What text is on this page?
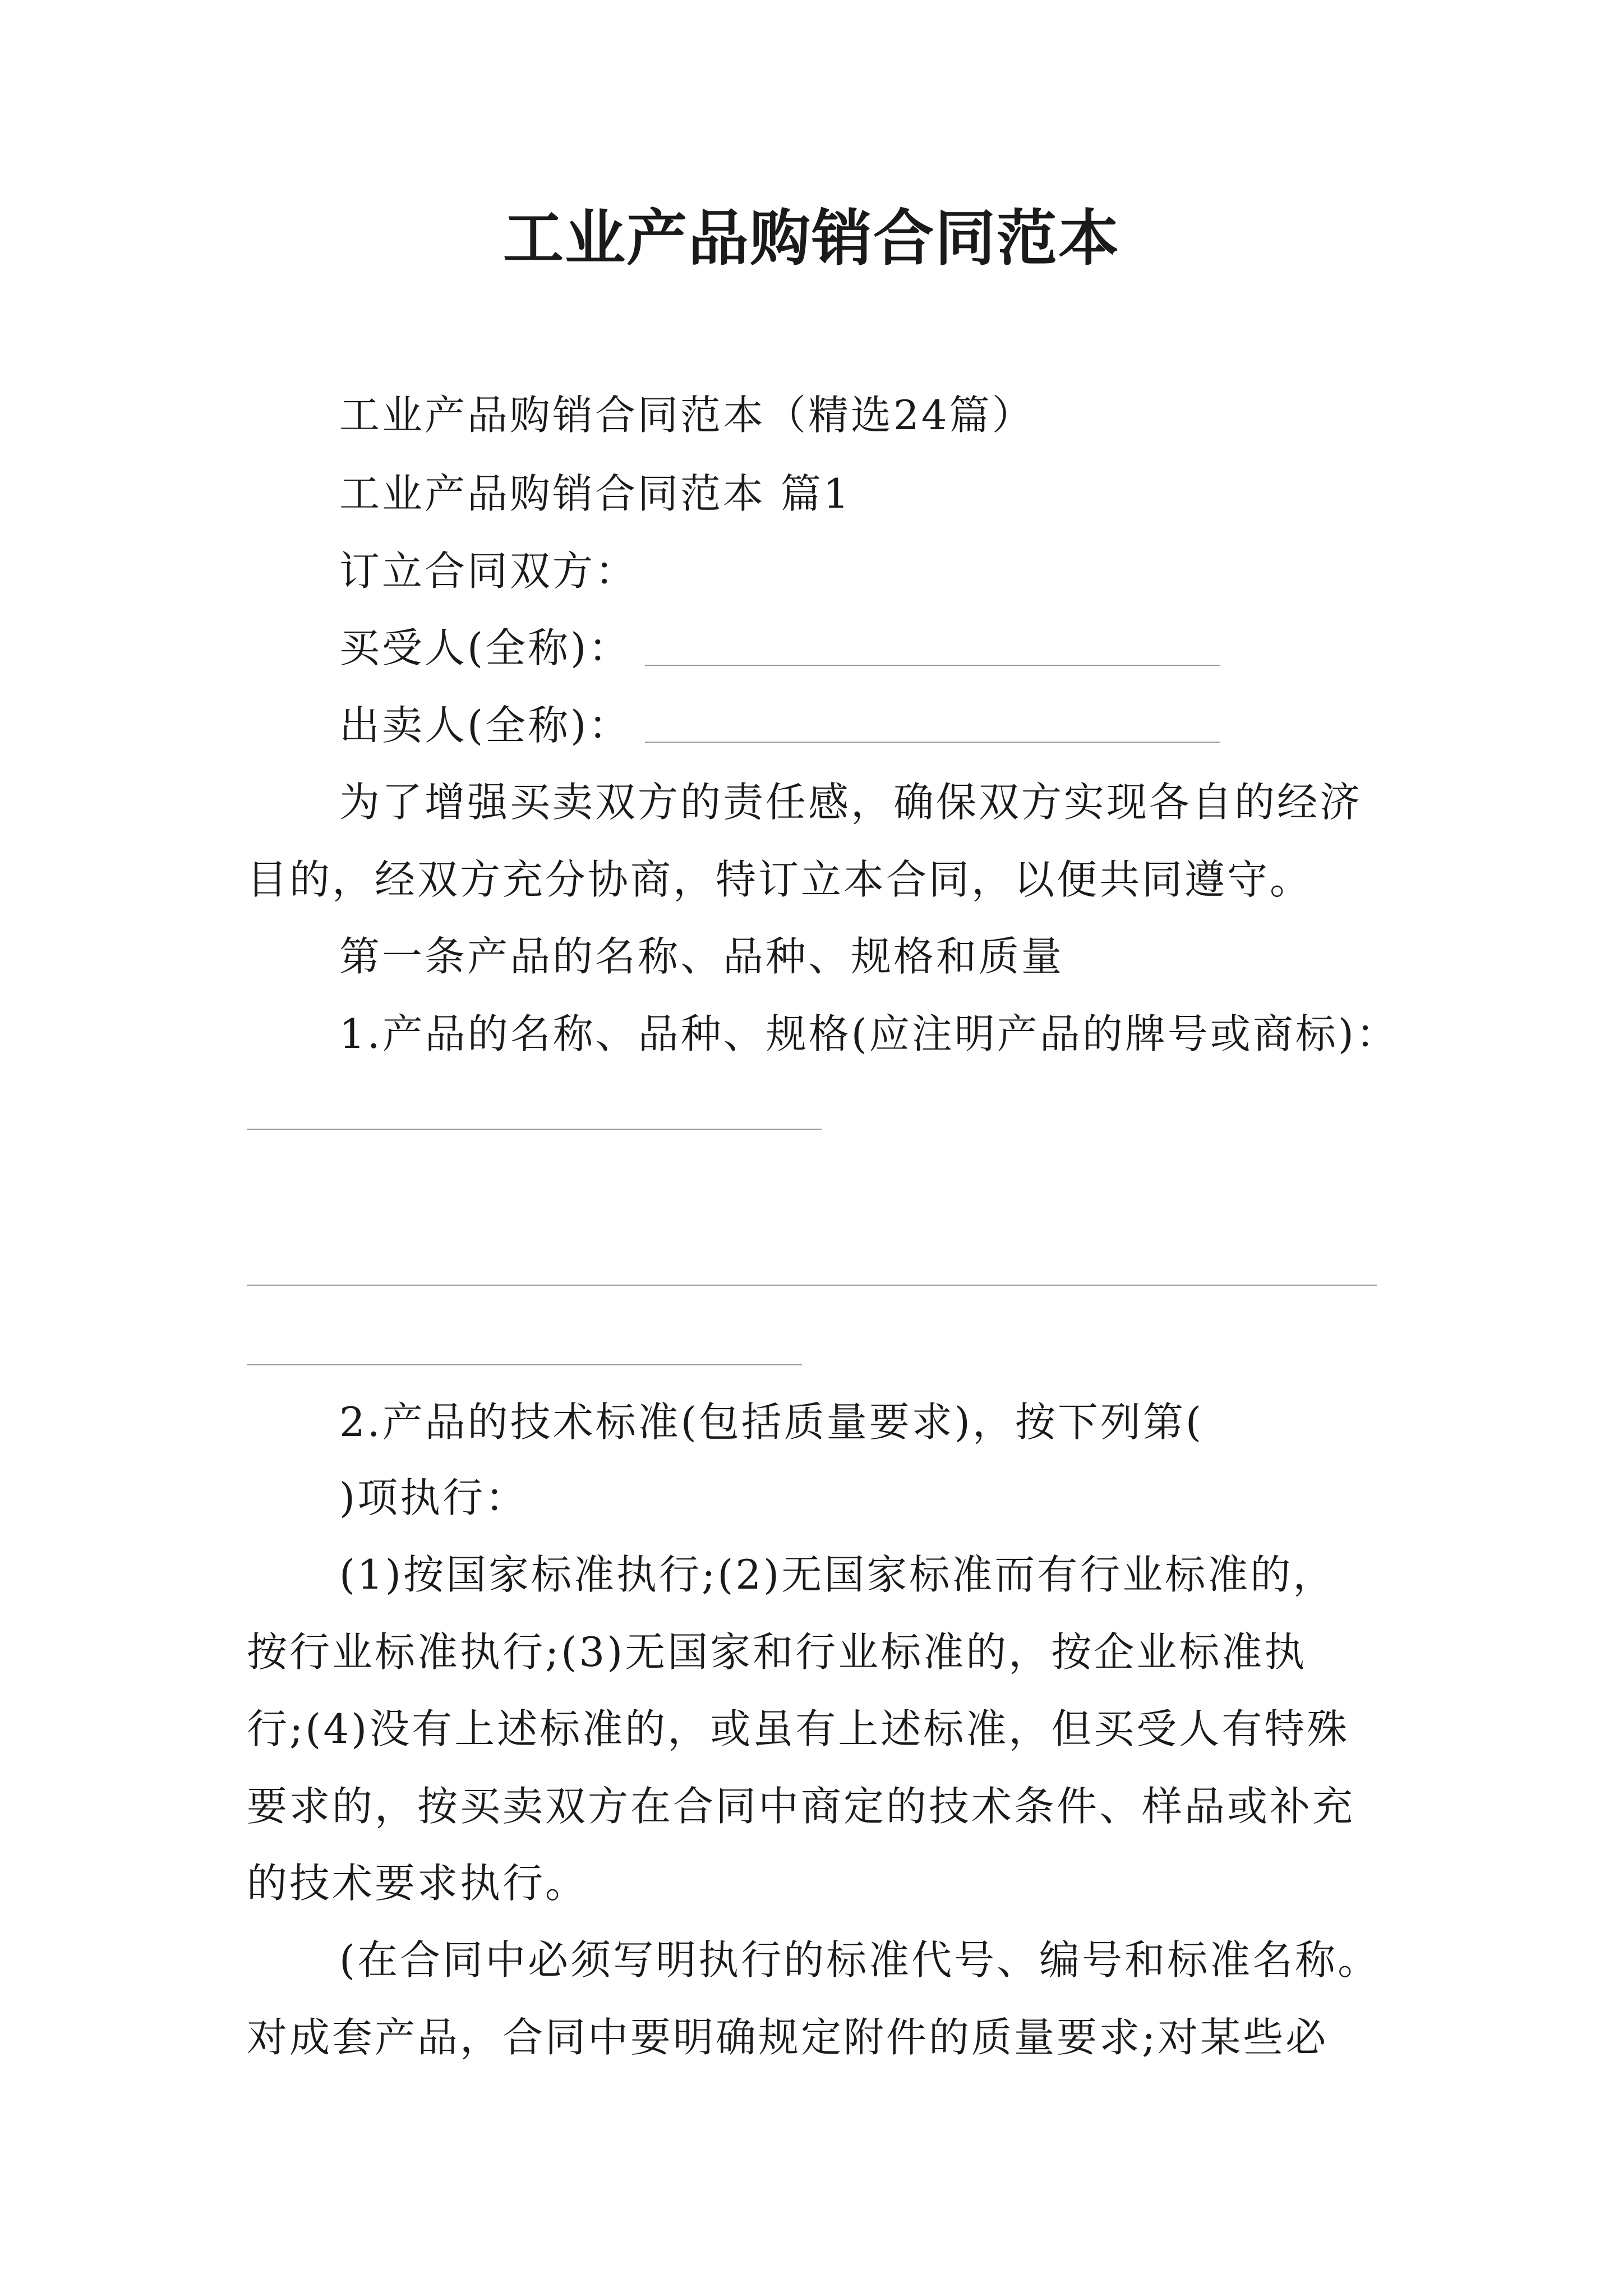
工业产品购销合同范本
工业产品购销合同范本（精选24篇）
工业产品购销合同范本 篇1
订立合同双方：
买受人(全称)：
出卖人(全称)：
为了增强买卖双方的责任感，确保双方实现各自的经济
目的，经双方充分协商，特订立本合同，以便共同遵守。
第一条产品的名称、品种、规格和质量
1.产品的名称、品种、规格(应注明产品的牌号或商标)：
2.产品的技术标准(包括质量要求)，按下列第(
)项执行：
(1)按国家标准执行;(2)无国家标准而有行业标准的，
按行业标准执行;(3)无国家和行业标准的，按企业标准执
行;(4)没有上述标准的，或虽有上述标准，但买受人有特殊
要求的，按买卖双方在合同中商定的技术条件、样品或补充
的技术要求执行。
(在合同中必须写明执行的标准代号、编号和标准名称。
对成套产品，合同中要明确规定附件的质量要求;对某些必
